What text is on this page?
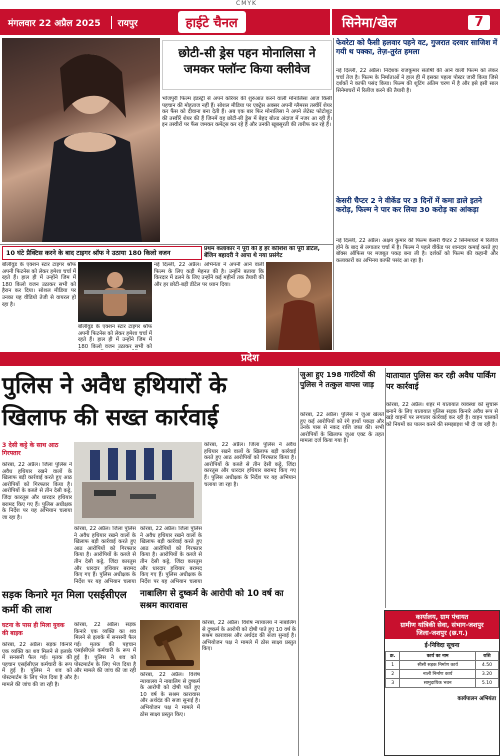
CMYK
मंगलवार 22 अप्रैल 2025	रायपुर	हाईटे चैनल	सिनेमा/खेल	7
छोटी-सी ड्रेस पहन मोनालिसा ने जमकर फ्लॉन्ट किया क्लीवेज
भोजपुरी फिल्म इंडस्ट्री से अपने करियर की शुरुआत करने वाली मोनालिसा आज किसी पहचान की मोहताज नहीं हैं। सोशल मीडिया पर एक्ट्रेस अक्सर अपनी ग्लैमरस तस्वीरें शेयर कर फैंस को दीवाना बना देती हैं। अब एक बार फिर मोनालिसा ने अपने लेटेस्ट फोटोशूट की तस्वीरें शेयर की हैं जिनमें वह छोटी-सी ड्रेस में बेहद बोल्ड अंदाज में नजर आ रही हैं। इन तस्वीरों पर फैंस जमकर कमेंट्स कर रहे हैं और उनकी खूबसूरती की तारीफ कर रहे हैं।
फेवरेटा को फैसी हलवार पहने वट, गुजरात दरवार साजिश में गयी थ पक्का, तेज़-तुरंत हमला
नई दिल्ली, 22 अप्रैल। निर्देशक राजकुमार संतोषी की आने वाली फिल्म को लेकर चर्चा तेज है। फिल्म के निर्माताओं ने हाल ही में इसका पहला पोस्टर जारी किया जिसे दर्शकों ने काफी पसंद किया। फिल्म की शूटिंग अंतिम चरण में है और इसे इसी साल सिनेमाघरों में रिलीज करने की तैयारी है।
केसरी चैप्टर 2 ने वीकेंड पर 3 दिनों में कमा डाले इतने करोड़, फिल्म ने पार कर लिया 30 करोड़ का आंकड़ा
नई दिल्ली, 22 अप्रैल। अक्षय कुमार की फिल्म केसरी चैप्टर 2 सिनेमाघरों में रिलीज होने के बाद से लगातार चर्चा में है। फिल्म ने पहले वीकेंड पर शानदार कमाई करते हुए बॉक्स ऑफिस पर मजबूत पकड़ बना ली है। दर्शकों को फिल्म की कहानी और कलाकारों का अभिनय काफी पसंद आ रहा है।
10 घंटे प्रैक्टिस करने के बाद टाइगर श्रॉफ ने उठाया 180 किलो वजन
बॉलीवुड के एक्शन स्टार टाइगर श्रॉफ अपनी फिटनेस को लेकर हमेशा चर्चा में रहते हैं। हाल ही में उन्होंने जिम में 180 किलो वजन उठाकर सभी को हैरान कर दिया। सोशल मीडिया पर उनका यह वीडियो तेजी से वायरल हो रहा है।
बॉलीवुड के एक्शन स्टार टाइगर श्रॉफ अपनी फिटनेस को लेकर हमेशा चर्चा में रहते हैं। हाल ही में उन्होंने जिम में 180 किलो वजन उठाकर सभी को
प्रथम कलाकार ने पूरी की हैं हर कोशिश को पूरी डीटेल, बेंजिन बहादरी ने आपा थे नया प्रसंगेट
नई दिल्ली, 22 अप्रैल। अभिनेता ने अपनी आने वाली फिल्म के लिए कड़ी मेहनत की है। उन्होंने बताया कि किरदार में ढलने के लिए उन्होंने कई महीनों तक तैयारी की और हर छोटी-बड़ी डीटेल पर ध्यान दिया।
प्रदेश
पुलिस ने अवैध हथियारों के खिलाफ की सख्त कार्रवाई
3 देसी कट्टे के साथ आठ गिरफ्तार
कोरबा, 22 अप्रैल। जिला पुलिस ने अवैध हथियार रखने वालों के खिलाफ बड़ी कार्रवाई करते हुए आठ आरोपियों को गिरफ्तार किया है। आरोपियों के कब्जे से तीन देसी कट्टे, जिंदा कारतूस और धारदार हथियार बरामद किए गए हैं। पुलिस अधीक्षक के निर्देश पर यह अभियान चलाया जा रहा है।
कोरबा, 22 अप्रैल। जिला पुलिस ने अवैध हथियार रखने वालों के खिलाफ बड़ी कार्रवाई करते हुए आठ आरोपियों को गिरफ्तार किया है। आरोपियों के कब्जे से तीन देसी कट्टे, जिंदा कारतूस और धारदार हथियार बरामद किए गए हैं। पुलिस अधीक्षक के निर्देश पर यह अभियान चलाया
कोरबा, 22 अप्रैल। जिला पुलिस ने अवैध हथियार रखने वालों के खिलाफ बड़ी कार्रवाई करते हुए आठ आरोपियों को गिरफ्तार किया है। आरोपियों के कब्जे से तीन देसी कट्टे, जिंदा कारतूस और धारदार हथियार बरामद किए गए हैं। पुलिस अधीक्षक के निर्देश पर यह अभियान चलाया
कोरबा, 22 अप्रैल। जिला पुलिस ने अवैध हथियार रखने वालों के खिलाफ बड़ी कार्रवाई करते हुए आठ आरोपियों को गिरफ्तार किया है। आरोपियों के कब्जे से तीन देसी कट्टे, जिंदा कारतूस और धारदार हथियार बरामद किए गए हैं। पुलिस अधीक्षक के निर्देश पर यह अभियान चलाया जा रहा है।
जुआ हुए 198 गारंटियों की पुलिस ने तत्कुल वापस जाड़
कोरबा, 22 अप्रैल। पुलिस ने जुआ खेलते हुए कई आरोपियों को रंगे हाथों पकड़ा और उनके पास से नकद राशि जब्त की। सभी आरोपियों के खिलाफ जुआ एक्ट के तहत मामला दर्ज किया गया है।
यातायात पुलिस कर रही अवैध पार्किंग पर कार्रवाई
कोरबा, 22 अप्रैल। शहर में यातायात व्यवस्था को सुचारू बनाने के लिए यातायात पुलिस सड़क किनारे अवैध रूप से खड़े वाहनों पर लगातार कार्रवाई कर रही है। वाहन चालकों को नियमों का पालन करने की समझाइश भी दी जा रही है।
सड़क किनारे मृत मिला एसईसीएल कर्मी की लाश
घटना के पास ही मिला युवक की बाइक
कोरबा, 22 अप्रैल। सड़क किनारे एक व्यक्ति का शव मिलने से इलाके में सनसनी फैल गई। मृतक की पहचान एसईसीएल कर्मचारी के रूप में हुई है। पुलिस ने शव को पोस्टमार्टम के लिए भेज दिया है और मामले की जांच की जा रही है।
कोरबा, 22 अप्रैल। सड़क किनारे एक व्यक्ति का शव मिलने से इलाके में सनसनी फैल गई। मृतक की पहचान एसईसीएल कर्मचारी के रूप में हुई है। पुलिस ने शव को पोस्टमार्टम के लिए भेज दिया है और मामले की जांच की जा रही है।
नाबालिग से दुष्कर्म के आरोपी को 10 वर्ष का सश्रम कारावास
कोरबा, 22 अप्रैल। विशेष न्यायालय ने नाबालिग से दुष्कर्म के आरोपी को दोषी पाते हुए 10 वर्ष के सश्रम कारावास और अर्थदंड की सजा सुनाई है। अभियोजन पक्ष ने मामले में ठोस साक्ष्य प्रस्तुत किए।
कोरबा, 22 अप्रैल। विशेष न्यायालय ने नाबालिग से दुष्कर्म के आरोपी को दोषी पाते हुए 10 वर्ष के सश्रम कारावास और अर्थदंड की सजा सुनाई है। अभियोजन पक्ष ने मामले में ठोस साक्ष्य प्रस्तुत किए।
कार्यालय, ग्राम पंचायत
ग्रामीण यांत्रिकी सेवा, संभाग-जशपुर
जिला-जशपुर (छ.ग.)
ई-निविदा सूचना
क्र.	कार्य का नाम	राशि
1	सीसी सड़क निर्माण कार्य	4.50
2	नाली निर्माण कार्य	3.20
3	सामुदायिक भवन	5.10
कार्यपालन अभियंता
